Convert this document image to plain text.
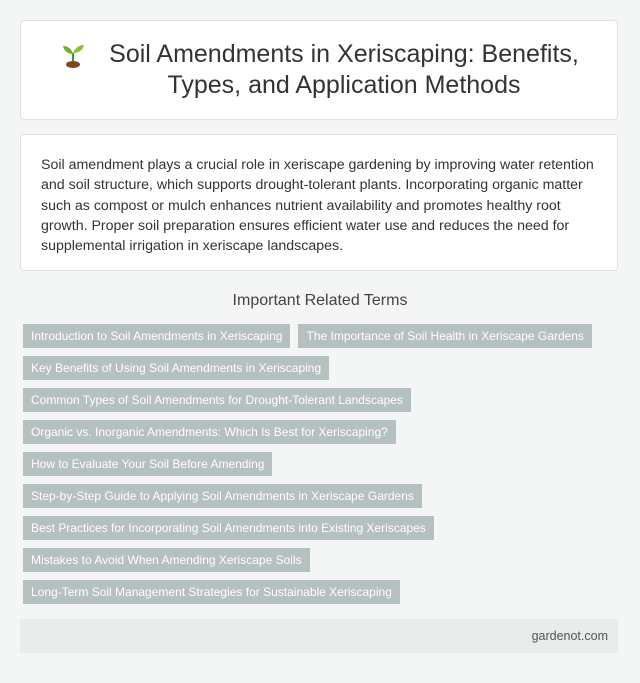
Soil Amendments in Xeriscaping: Benefits, Types, and Application Methods

Soil amendment plays a crucial role in xeriscape gardening by improving water retention and soil structure, which supports drought-tolerant plants. Incorporating organic matter such as compost or mulch enhances nutrient availability and promotes healthy root growth. Proper soil preparation ensures efficient water use and reduces the need for supplemental irrigation in xeriscape landscapes.

Important Related Terms
Introduction to Soil Amendments in Xeriscaping	The Importance of Soil Health in Xeriscape Gardens
Key Benefits of Using Soil Amendments in Xeriscaping
Common Types of Soil Amendments for Drought-Tolerant Landscapes
Organic vs. Inorganic Amendments: Which Is Best for Xeriscaping?
How to Evaluate Your Soil Before Amending
Step-by-Step Guide to Applying Soil Amendments in Xeriscape Gardens
Best Practices for Incorporating Soil Amendments into Existing Xeriscapes
Mistakes to Avoid When Amending Xeriscape Soils
Long-Term Soil Management Strategies for Sustainable Xeriscaping
gardenot.com
